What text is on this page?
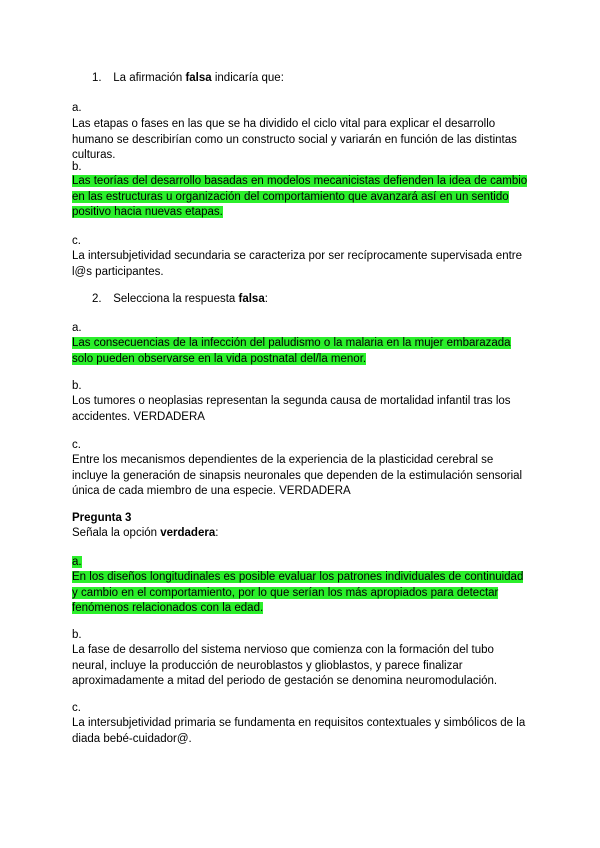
1. La afirmación falsa indicaría que:
a.
Las etapas o fases en las que se ha dividido el ciclo vital para explicar el desarrollo humano se describirían como un constructo social y variarán en función de las distintas culturas.
b.
Las teorías del desarrollo basadas en modelos mecanicistas defienden la idea de cambio en las estructuras u organización del comportamiento que avanzará así en un sentido positivo hacia nuevas etapas.
c.
La intersubjetividad secundaria se caracteriza por ser recíprocamente supervisada entre l@s participantes.
2. Selecciona la respuesta falsa:
a.
Las consecuencias de la infección del paludismo o la malaria en la mujer embarazada solo pueden observarse en la vida postnatal del/la menor.
b.
Los tumores o neoplasias representan la segunda causa de mortalidad infantil tras los accidentes. VERDADERA
c.
Entre los mecanismos dependientes de la experiencia de la plasticidad cerebral se incluye la generación de sinapsis neuronales que dependen de la estimulación sensorial única de cada miembro de una especie. VERDADERA
Pregunta 3
Señala la opción verdadera:
a.
En los diseños longitudinales es posible evaluar los patrones individuales de continuidad y cambio en el comportamiento, por lo que serían los más apropiados para detectar fenómenos relacionados con la edad.
b.
La fase de desarrollo del sistema nervioso que comienza con la formación del tubo neural, incluye la producción de neuroblastos y glioblastos, y parece finalizar aproximadamente a mitad del periodo de gestación se denomina neuromodulación.
c.
La intersubjetividad primaria se fundamenta en requisitos contextuales y simbólicos de la diada bebé-cuidador@.
